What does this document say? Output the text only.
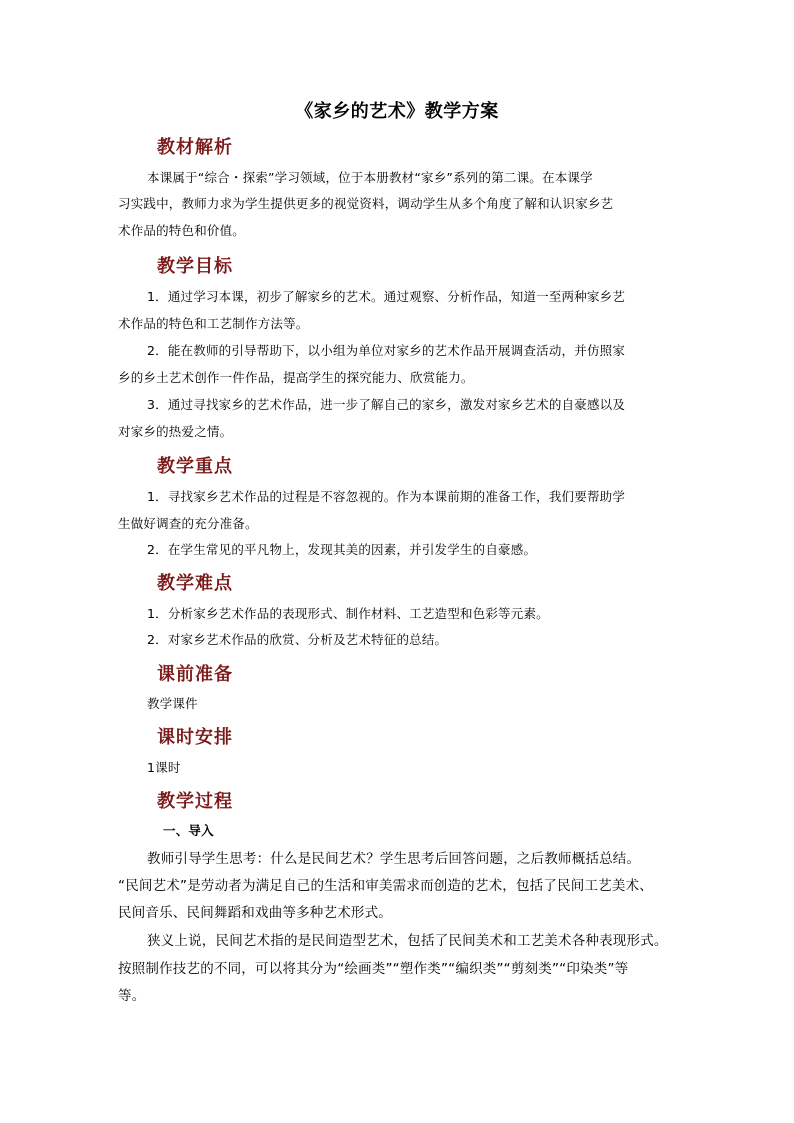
《家乡的艺术》教学方案
教材解析
本课属于“综合・探索”学习领域，位于本册教材“家乡”系列的第二课。在本课学
习实践中，教师力求为学生提供更多的视觉资料，调动学生从多个角度了解和认识家乡艺
术作品的特色和价值。
教学目标
1．通过学习本课，初步了解家乡的艺术。通过观察、分析作品，知道一至两种家乡艺
术作品的特色和工艺制作方法等。
2．能在教师的引导帮助下，以小组为单位对家乡的艺术作品开展调查活动，并仿照家
乡的乡土艺术创作一件作品，提高学生的探究能力、欣赏能力。
3．通过寻找家乡的艺术作品，进一步了解自己的家乡，激发对家乡艺术的自豪感以及
对家乡的热爱之情。
教学重点
1．寻找家乡艺术作品的过程是不容忽视的。作为本课前期的准备工作，我们要帮助学
生做好调查的充分准备。
2．在学生常见的平凡物上，发现其美的因素，并引发学生的自豪感。
教学难点
1．分析家乡艺术作品的表现形式、制作材料、工艺造型和色彩等元素。
2．对家乡艺术作品的欣赏、分析及艺术特征的总结。
课前准备
教学课件
课时安排
1课时
教学过程
一、导入
教师引导学生思考：什么是民间艺术？学生思考后回答问题，之后教师概括总结。
“民间艺术”是劳动者为满足自己的生活和审美需求而创造的艺术，包括了民间工艺美术、
民间音乐、民间舞蹈和戏曲等多种艺术形式。
狭义上说，民间艺术指的是民间造型艺术，包括了民间美术和工艺美术各种表现形式。
按照制作技艺的不同，可以将其分为“绘画类”“塑作类”“编织类”“剪刻类”“印染类”等
等。
